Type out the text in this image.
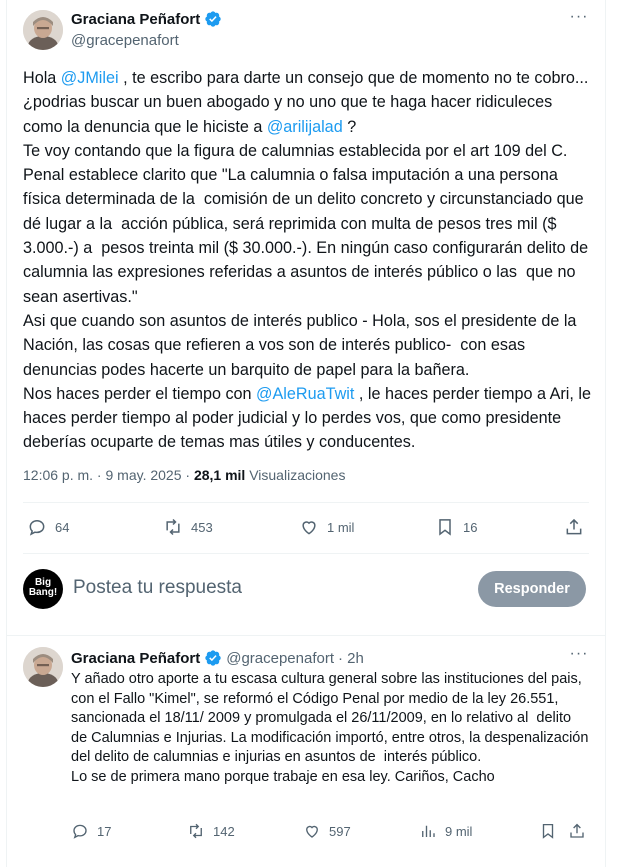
Graciana Peñafort
@gracepenafort
···
Hola @JMilei , te escribo para darte un consejo que de momento no te cobro...¿podrias buscar un buen abogado y no uno que te haga hacer ridiculeces como la denuncia que le hiciste a @arilijalad ?
Te voy contando que la figura de calumnias establecida por el art 109 del C. Penal establece clarito que "La calumnia o falsa imputación a una persona física determinada de la  comisión de un delito concreto y circunstanciado que dé lugar a la  acción pública, será reprimida con multa de pesos tres mil ($ 3.000.-) a  pesos treinta mil ($ 30.000.-). En ningún caso configurarán delito de  calumnia las expresiones referidas a asuntos de interés público o las  que no sean asertivas."
Asi que cuando son asuntos de interés publico - Hola, sos el presidente de la Nación, las cosas que refieren a vos son de interés publico-  con esas denuncias podes hacerte un barquito de papel para la bañera.
Nos haces perder el tiempo con @AleRuaTwit , le haces perder tiempo a Ari, le haces perder tiempo al poder judicial y lo perdes vos, que como presidente deberías ocuparte de temas mas útiles y conducentes.
12:06 p. m. · 9 may. 2025 · 28,1 mil Visualizaciones
64	453	1 mil	16
Big Bang! Postea tu respuesta	Responder
Graciana Peñafort @gracepenafort · 2h	···
Y añado otro aporte a tu escasa cultura general sobre las instituciones del pais, con el Fallo "Kimel", se reformó el Código Penal por medio de la ley 26.551,  sancionada el 18/11/ 2009 y promulgada el 26/11/2009, en lo relativo al  delito de Calumnias e Injurias. La modificación importó, entre otros, la despenalización del delito de calumnias e injurias en asuntos de  interés público.
Lo se de primera mano porque trabaje en esa ley. Cariños, Cacho
17	142	597	9 mil
